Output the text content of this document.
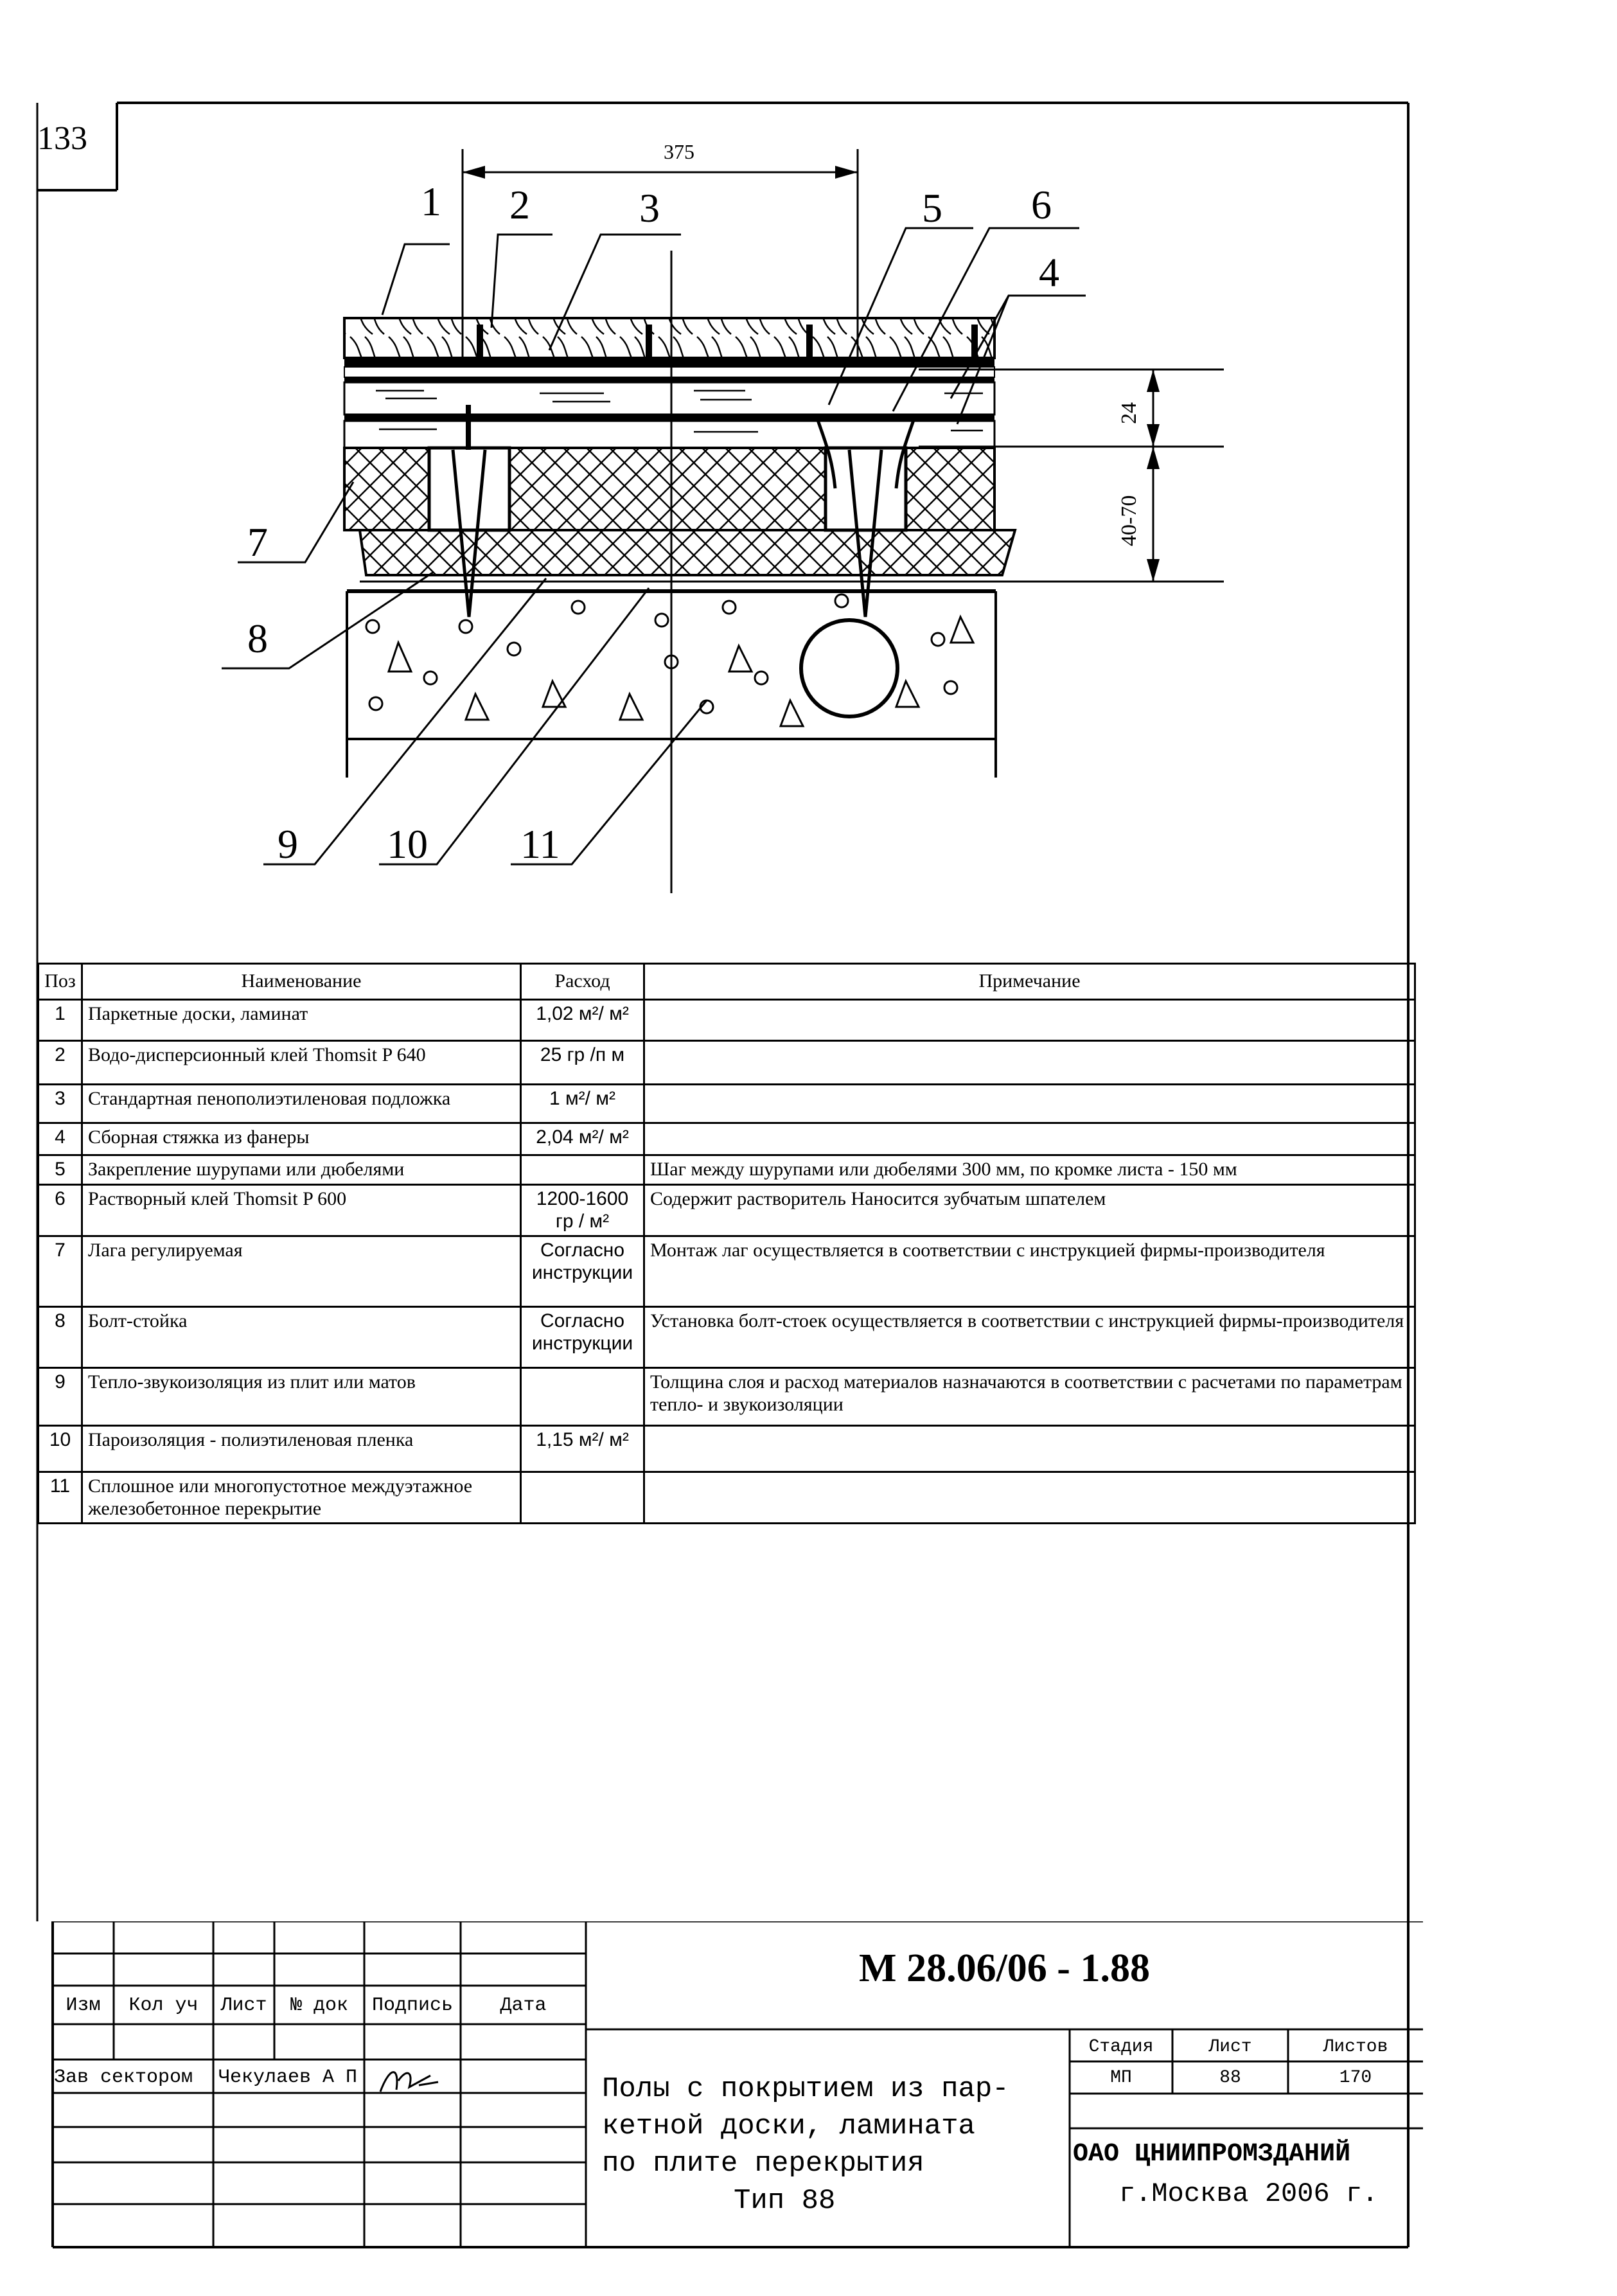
133	375
24
40-70
1 2	3	5 6
4
7
8
9 10 11
Поз	Наименование	Расход	Примечание
1	Паркетные доски, ламинат	1,02 м²/ м²	
2	Водо-дисперсионный клей Thomsit P 640	25 гр /п м	
3	Стандартная пенополиэтиленовая подложка	1 м²/ м²	
4	Сборная стяжка из фанеры	2,04 м²/ м²	
5	Закрепление шурупами или дюбелями		Шаг между шурупами или дюбелями 300 мм, по кромке листа - 150 мм
6	Растворный клей Thomsit P 600	1200-1600 гр / м²	Содержит растворитель Наносится зубчатым шпателем
7	Лага регулируемая	Согласно инструкции	Монтаж лаг осуществляется в соответствии с инструкцией фирмы-производителя
8	Болт-стойка	Согласно инструкции	Установка болт-стоек осуществляется в соответствии с инструкцией фирмы-производителя
9	Тепло-звукоизоляция из плит или матов		Толщина слоя и расход материалов назначаются в соответствии с расчетами по параметрам тепло- и звукоизоляции
10	Пароизоляция - полиэтиленовая пленка	1,15 м²/ м²	
11	Сплошное или многопустотное междуэтажное железобетонное перекрытие		
Изм	Кол уч	Лист	№ док	Подпись	Дата
Зав сектором Чекулаев А П
М 28.06/06 - 1.88
Полы с покрытием из пар-
кетной доски, ламината
по плите перекрытия
Тип 88
Стадия	Лист	Листов
МП	88	170
ОАО ЦНИИПРОМЗДАНИЙ
г.Москва 2006 г.
